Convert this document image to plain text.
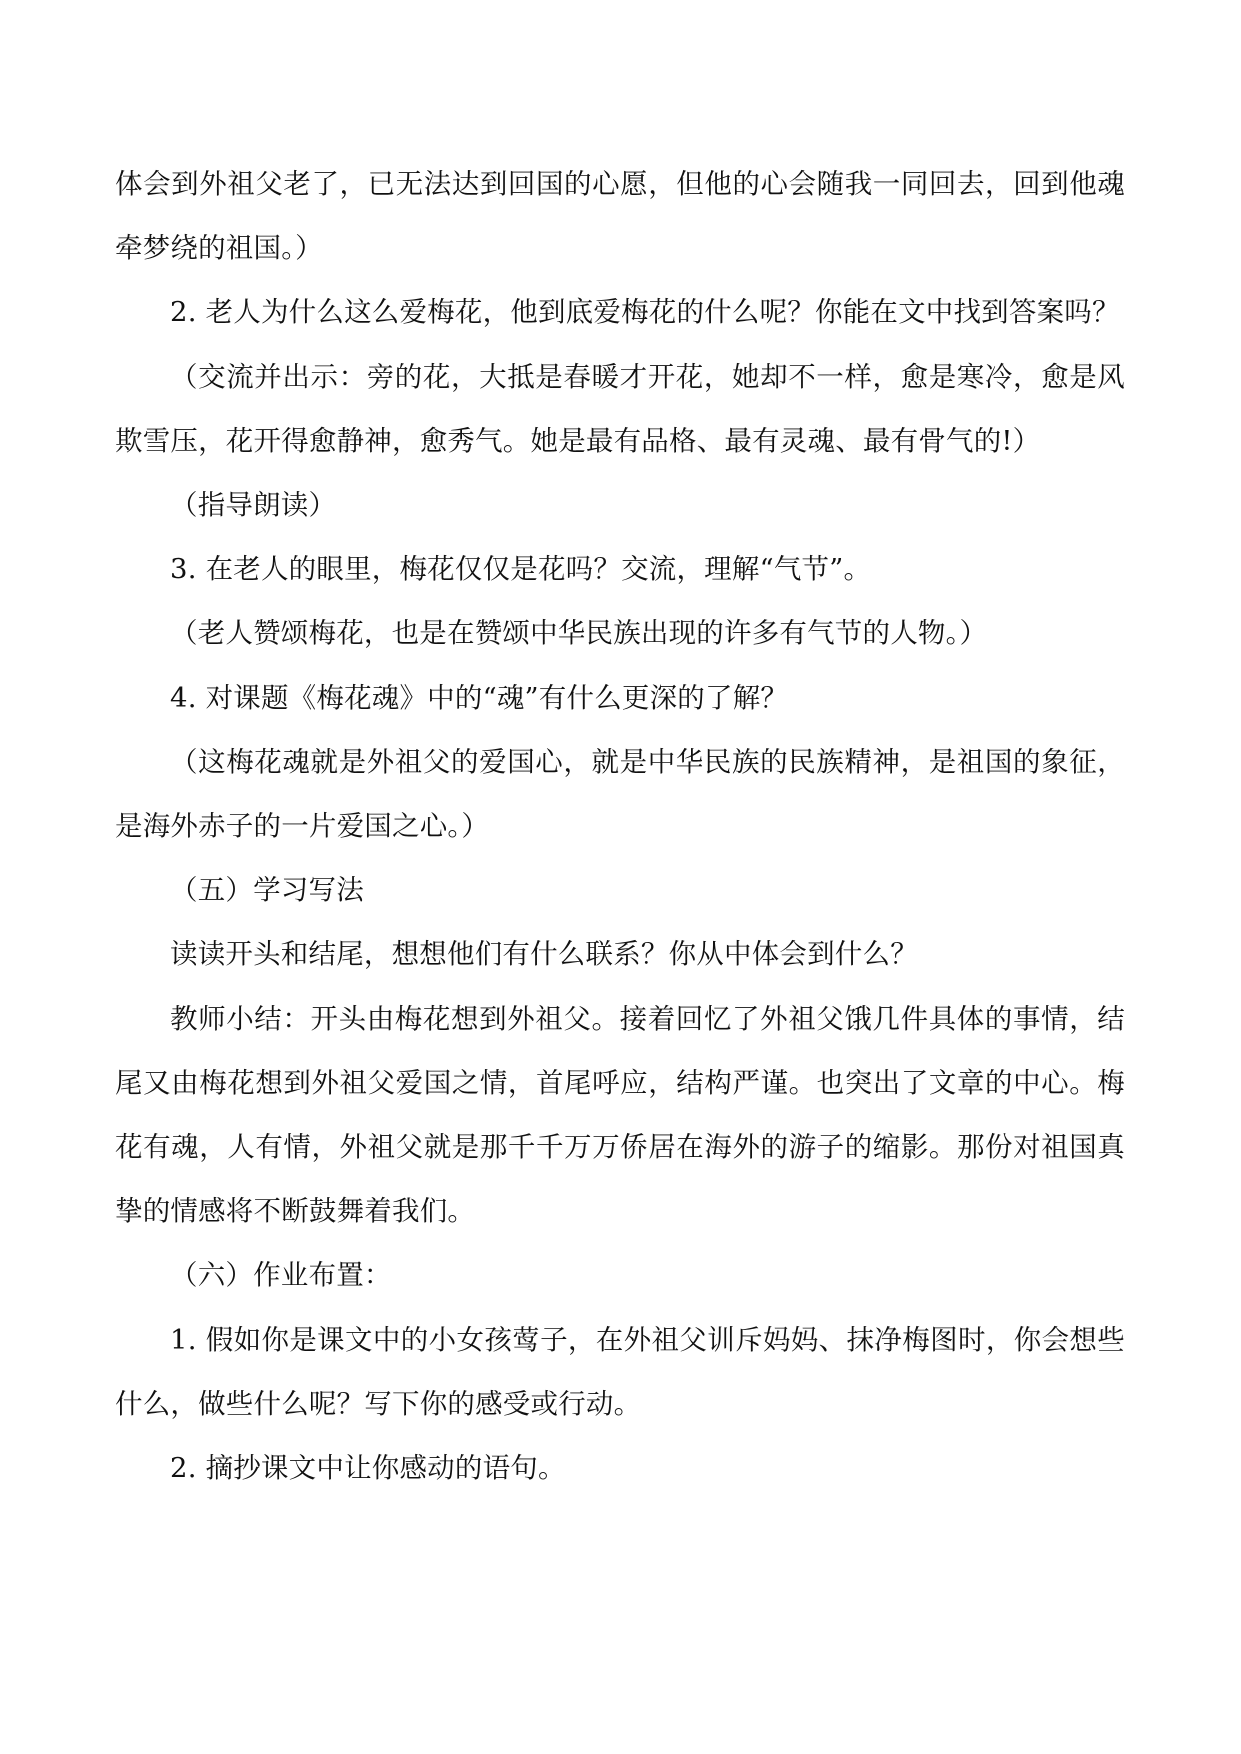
体会到外祖父老了，已无法达到回国的心愿，但他的心会随我一同回去，回到他魂牵梦绕的祖国。）

2. 老人为什么这么爱梅花，他到底爱梅花的什么呢？你能在文中找到答案吗？

（交流并出示：旁的花，大抵是春暖才开花，她却不一样，愈是寒冷，愈是风欺雪压，花开得愈静神，愈秀气。她是最有品格、最有灵魂、最有骨气的!）

（指导朗读）

3. 在老人的眼里，梅花仅仅是花吗？交流，理解“气节”。

（老人赞颂梅花，也是在赞颂中华民族出现的许多有气节的人物。）

4. 对课题《梅花魂》中的“魂”有什么更深的了解？

（这梅花魂就是外祖父的爱国心，就是中华民族的民族精神，是祖国的象征，是海外赤子的一片爱国之心。）

（五）学习写法

读读开头和结尾，想想他们有什么联系？你从中体会到什么？

教师小结：开头由梅花想到外祖父。接着回忆了外祖父饿几件具体的事情，结尾又由梅花想到外祖父爱国之情，首尾呼应，结构严谨。也突出了文章的中心。梅花有魂，人有情，外祖父就是那千千万万侨居在海外的游子的缩影。那份对祖国真挚的情感将不断鼓舞着我们。

（六）作业布置：

1. 假如你是课文中的小女孩莺子，在外祖父训斥妈妈、抹净梅图时，你会想些什么，做些什么呢？写下你的感受或行动。

2. 摘抄课文中让你感动的语句。
